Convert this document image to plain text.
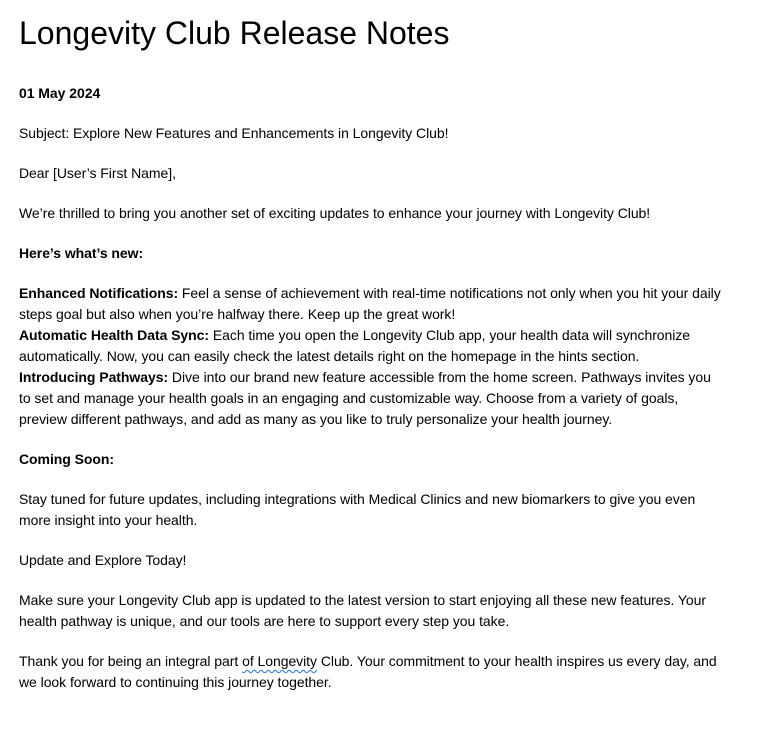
Longevity Club Release Notes

01 May 2024

Subject: Explore New Features and Enhancements in Longevity Club!

Dear [User’s First Name],

We’re thrilled to bring you another set of exciting updates to enhance your journey with Longevity Club!

Here’s what’s new:

Enhanced Notifications: Feel a sense of achievement with real-time notifications not only when you hit your daily steps goal but also when you’re halfway there. Keep up the great work!

Automatic Health Data Sync: Each time you open the Longevity Club app, your health data will synchronize automatically. Now, you can easily check the latest details right on the homepage in the hints section.

Introducing Pathways: Dive into our brand new feature accessible from the home screen. Pathways invites you to set and manage your health goals in an engaging and customizable way. Choose from a variety of goals, preview different pathways, and add as many as you like to truly personalize your health journey.

Coming Soon:

Stay tuned for future updates, including integrations with Medical Clinics and new biomarkers to give you even more insight into your health.

Update and Explore Today!

Make sure your Longevity Club app is updated to the latest version to start enjoying all these new features. Your health pathway is unique, and our tools are here to support every step you take.

Thank you for being an integral part of Longevity Club. Your commitment to your health inspires us every day, and we look forward to continuing this journey together.
